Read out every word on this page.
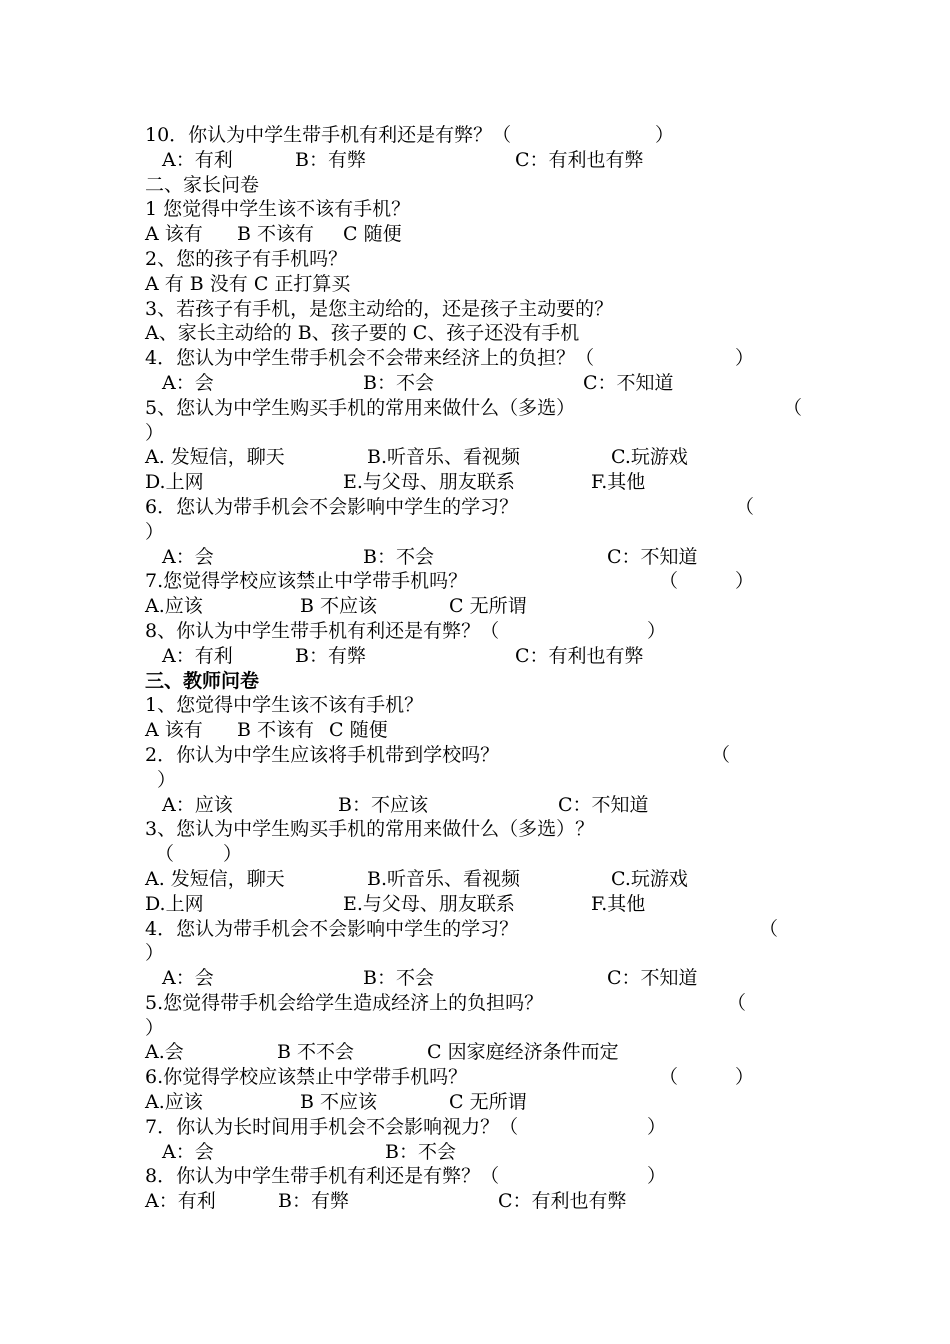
10．你认为中学生带手机有利还是有弊？（	）
A：有利	B：有弊	C：有利也有弊
二、家长问卷
1 您觉得中学生该不该有手机？
A 该有 B 不该有 C 随便
2、您的孩子有手机吗？
A 有 B 没有 C 正打算买
3、若孩子有手机，是您主动给的，还是孩子主动要的？
A、家长主动给的 B、孩子要的 C、孩子还没有手机
4．您认为中学生带手机会不会带来经济上的负担？（	）
A：会	B：不会	C：不知道
5、您认为中学生购买手机的常用来做什么（多选）	（
）
A. 发短信，聊天	B.听音乐、看视频	C.玩游戏
D.上网	E.与父母、朋友联系	F.其他
6．您认为带手机会不会影响中学生的学习？	（
）
A：会	B：不会	C：不知道
7.您觉得学校应该禁止中学带手机吗？	（	）
A.应该	B 不应该	C 无所谓
8、你认为中学生带手机有利还是有弊？（	）
A：有利	B：有弊	C：有利也有弊
三、教师问卷
1、您觉得中学生该不该有手机？
A 该有 B 不该有 C 随便
2．你认为中学生应该将手机带到学校吗？	（
）
A：应该	B：不应该	C：不知道
3、您认为中学生购买手机的常用来做什么（多选）？
（	）
A. 发短信，聊天	B.听音乐、看视频	C.玩游戏
D.上网	E.与父母、朋友联系	F.其他
4．您认为带手机会不会影响中学生的学习？	（
）
A：会	B：不会	C：不知道
5.您觉得带手机会给学生造成经济上的负担吗？	（
）
A.会	B 不不会	C 因家庭经济条件而定
6.你觉得学校应该禁止中学带手机吗？	（	）
A.应该	B 不应该	C 无所谓
7．你认为长时间用手机会不会影响视力？（	）
A：会	B：不会
8．你认为中学生带手机有利还是有弊？（	）
A：有利	B：有弊	C：有利也有弊
